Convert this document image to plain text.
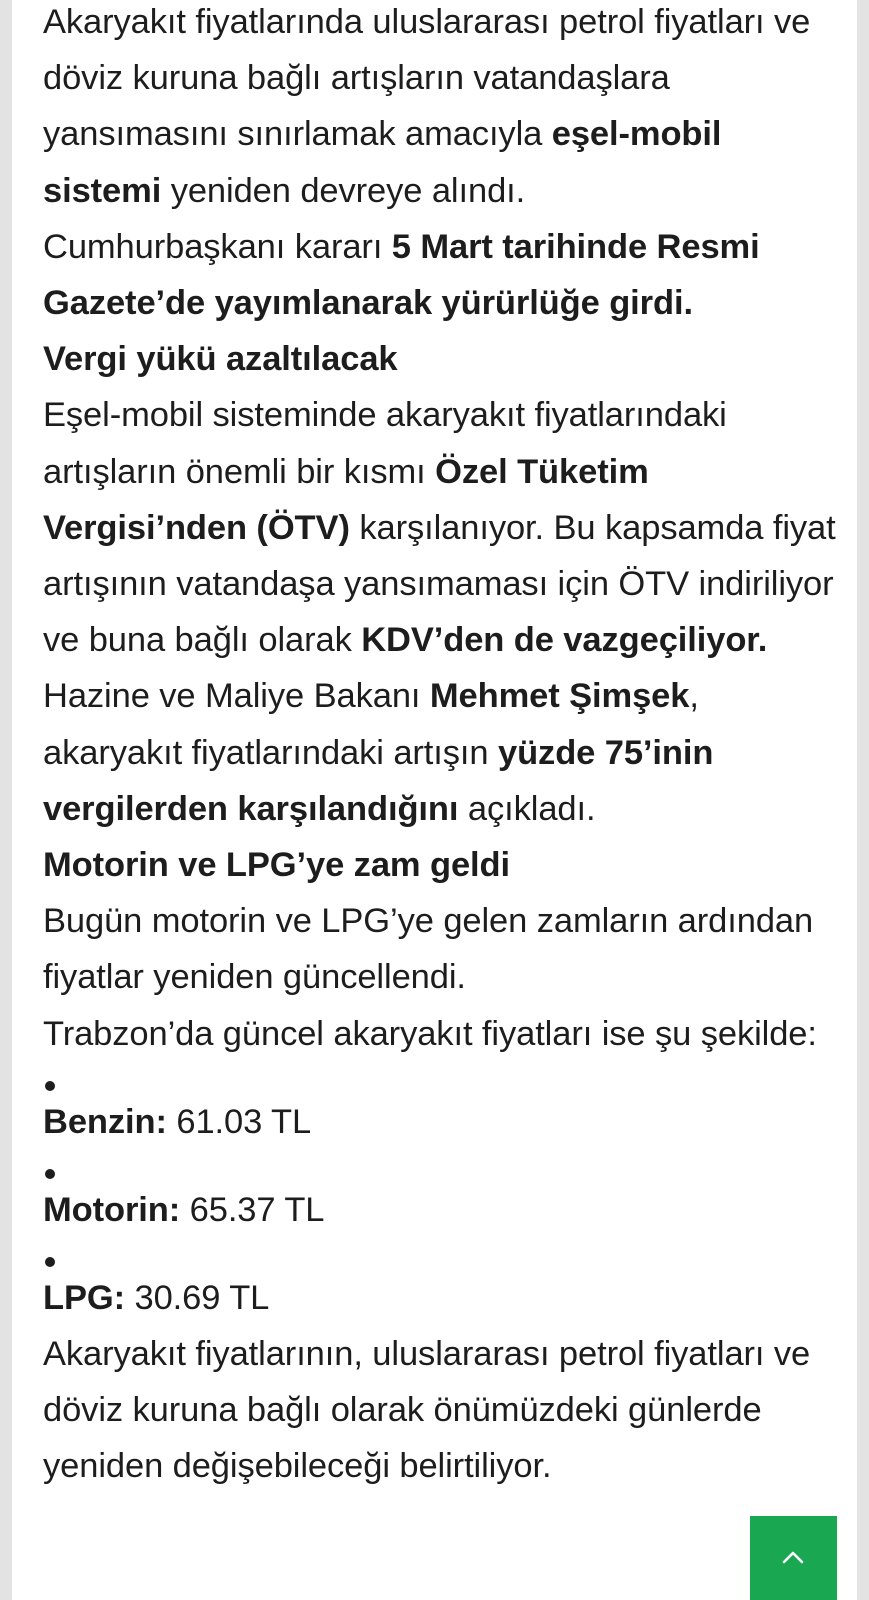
Akaryakıt fiyatlarında uluslararası petrol fiyatları ve döviz kuruna bağlı artışların vatandaşlara yansımasını sınırlamak amacıyla eşel-mobil sistemi yeniden devreye alındı.

Cumhurbaşkanı kararı 5 Mart tarihinde Resmi Gazete’de yayımlanarak yürürlüğe girdi.

Vergi yükü azaltılacak

Eşel-mobil sisteminde akaryakıt fiyatlarındaki artışların önemli bir kısmı Özel Tüketim Vergisi’nden (ÖTV) karşılanıyor. Bu kapsamda fiyat artışının vatandaşa yansımaması için ÖTV indiriliyor ve buna bağlı olarak KDV’den de vazgeçiliyor.

Hazine ve Maliye Bakanı Mehmet Şimşek, akaryakıt fiyatlarındaki artışın yüzde 75’inin vergilerden karşılandığını açıkladı.

Motorin ve LPG’ye zam geldi

Bugün motorin ve LPG’ye gelen zamların ardından fiyatlar yeniden güncellendi.

Trabzon’da güncel akaryakıt fiyatları ise şu şekilde:

Benzin: 61.03 TL
Motorin: 65.37 TL
LPG: 30.69 TL

Akaryakıt fiyatlarının, uluslararası petrol fiyatları ve döviz kuruna bağlı olarak önümüzdeki günlerde yeniden değişebileceği belirtiliyor.
